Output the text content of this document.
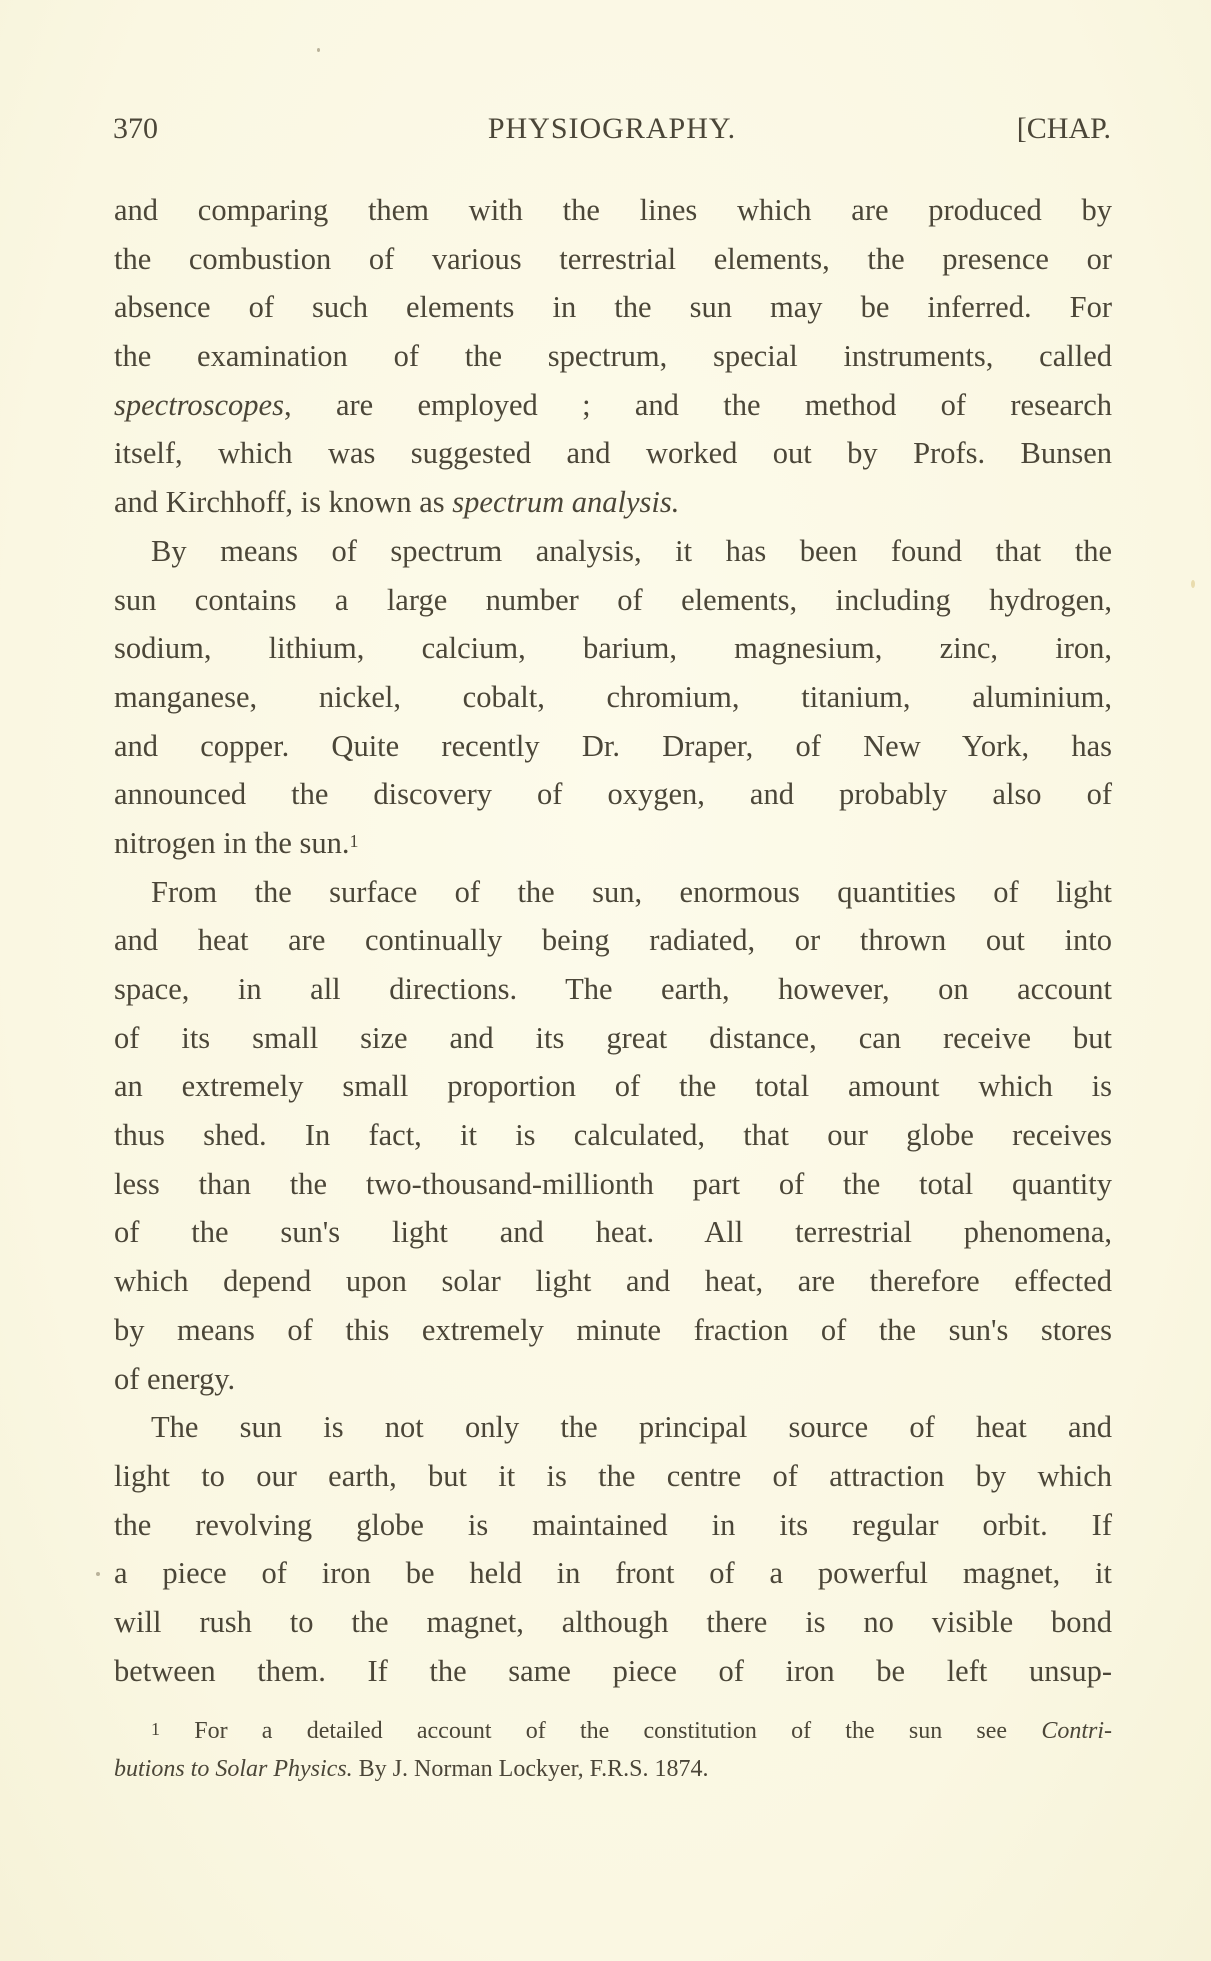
370	PHYSIOGRAPHY.	[CHAP.
and comparing them with the lines which are produced by
the combustion of various terrestrial elements, the presence or
absence of such elements in the sun may be inferred. For
the examination of the spectrum, special instruments, called
spectroscopes, are employed ; and the method of research
itself, which was suggested and worked out by Profs. Bunsen
and Kirchhoff, is known as spectrum analysis.
By means of spectrum analysis, it has been found that the
sun contains a large number of elements, including hydrogen,
sodium, lithium, calcium, barium, magnesium, zinc, iron,
manganese, nickel, cobalt, chromium, titanium, aluminium,
and copper. Quite recently Dr. Draper, of New York, has
announced the discovery of oxygen, and probably also of
nitrogen in the sun.$^1$
From the surface of the sun, enormous quantities of light
and heat are continually being radiated, or thrown out into
space, in all directions. The earth, however, on account
of its small size and its great distance, can receive but
an extremely small proportion of the total amount which is
thus shed. In fact, it is calculated, that our globe receives
less than the two-thousand-millionth part of the total quantity
of the sun's light and heat. All terrestrial phenomena,
which depend upon solar light and heat, are therefore effected
by means of this extremely minute fraction of the sun's stores
of energy.
The sun is not only the principal source of heat and
light to our earth, but it is the centre of attraction by which
the revolving globe is maintained in its regular orbit. If
a piece of iron be held in front of a powerful magnet, it
will rush to the magnet, although there is no visible bond
between them. If the same piece of iron be left unsup-
$^1$ For a detailed account of the constitution of the sun see Contri-
butions to Solar Physics. By J. Norman Lockyer, F.R.S. 1874.
